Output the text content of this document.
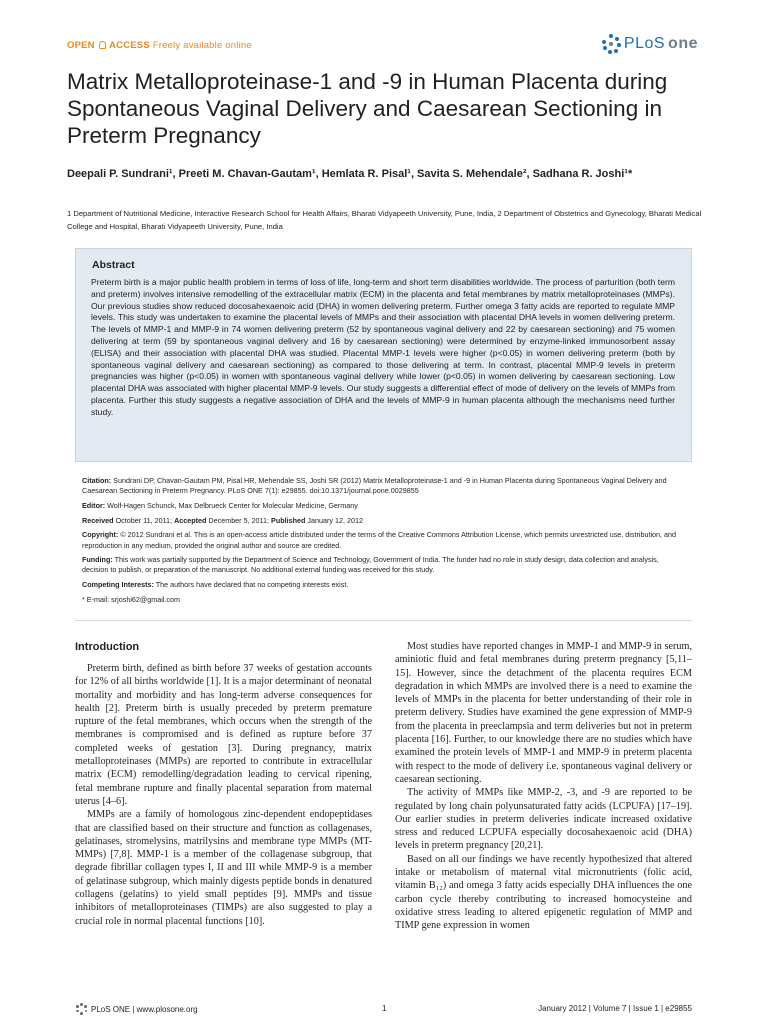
OPEN ACCESS Freely available online	PLoS one
Matrix Metalloproteinase-1 and -9 in Human Placenta during Spontaneous Vaginal Delivery and Caesarean Sectioning in Preterm Pregnancy
Deepali P. Sundrani¹, Preeti M. Chavan-Gautam¹, Hemlata R. Pisal¹, Savita S. Mehendale², Sadhana R. Joshi¹*
1 Department of Nutritional Medicine, Interactive Research School for Health Affairs, Bharati Vidyapeeth University, Pune, India, 2 Department of Obstetrics and Gynecology, Bharati Medical College and Hospital, Bharati Vidyapeeth University, Pune, India
Abstract

Preterm birth is a major public health problem in terms of loss of life, long-term and short term disabilities worldwide. The process of parturition (both term and preterm) involves intensive remodelling of the extracellular matrix (ECM) in the placenta and fetal membranes by matrix metalloproteinases (MMPs). Our previous studies show reduced docosahexaenoic acid (DHA) in women delivering preterm. Further omega 3 fatty acids are reported to regulate MMP levels. This study was undertaken to examine the placental levels of MMPs and their association with placental DHA levels in women delivering preterm. The levels of MMP-1 and MMP-9 in 74 women delivering preterm (52 by spontaneous vaginal delivery and 22 by caesarean sectioning) and 75 women delivering at term (59 by spontaneous vaginal delivery and 16 by caesarean sectioning) were determined by enzyme-linked immunosorbent assay (ELISA) and their association with placental DHA was studied. Placental MMP-1 levels were higher (p<0.05) in women delivering preterm (both by spontaneous vaginal delivery and caesarean sectioning) as compared to those delivering at term. In contrast, placental MMP-9 levels in preterm pregnancies was higher (p<0.05) in women with spontaneous vaginal delivery while lower (p<0.05) in women delivering by caesarean sectioning. Low placental DHA was associated with higher placental MMP-9 levels. Our study suggests a differential effect of mode of delivery on the levels of MMPs from placenta. Further this study suggests a negative association of DHA and the levels of MMP-9 in human placenta although the mechanisms need further study.

Citation: Sundrani DP, Chavan-Gautam PM, Pisal HR, Mehendale SS, Joshi SR (2012) Matrix Metalloproteinase-1 and -9 in Human Placenta during Spontaneous Vaginal Delivery and Caesarean Sectioning in Preterm Pregnancy. PLoS ONE 7(1): e29855. doi:10.1371/journal.pone.0029855

Editor: Wolf-Hagen Schunck, Max Delbrueck Center for Molecular Medicine, Germany

Received October 11, 2011; Accepted December 5, 2011; Published January 12, 2012

Copyright: © 2012 Sundrani et al. This is an open-access article distributed under the terms of the Creative Commons Attribution License, which permits unrestricted use, distribution, and reproduction in any medium, provided the original author and source are credited.

Funding: This work was partially supported by the Department of Science and Technology, Government of India. The funder had no role in study design, data collection and analysis, decision to publish, or preparation of the manuscript. No additional external funding was received for this study.

Competing Interests: The authors have declared that no competing interests exist.

* E-mail: srjoshi62@gmail.com

Introduction

Preterm birth, defined as birth before 37 weeks of gestation accounts for 12% of all births worldwide [1]. It is a major determinant of neonatal mortality and morbidity and has long-term adverse consequences for health [2]. Preterm birth is usually preceded by preterm premature rupture of the fetal membranes, which occurs when the strength of the membranes is compromised and is defined as rupture before 37 completed weeks of gestation [3]. During pregnancy, matrix metalloproteinases (MMPs) are reported to contribute in extracellular matrix (ECM) remodelling/degradation leading to cervical ripening, fetal membrane rupture and finally placental separation from maternal uterus [4–6].

MMPs are a family of homologous zinc-dependent endopeptidases that are classified based on their structure and function as collagenases, gelatinases, stromelysins, matrilysins and membrane type MMPs (MT-MMPs) [7,8]. MMP-1 is a member of the collagenase subgroup, that degrade fibrillar collagen types I, II and III while MMP-9 is a member of gelatinase subgroup, which mainly digests peptide bonds in denatured collagens (gelatins) to yield small peptides [9]. MMPs and tissue inhibitors of metalloproteinases (TIMPs) are also suggested to play a crucial role in normal placental functions [10].

Most studies have reported changes in MMP-1 and MMP-9 in serum, aminiotic fluid and fetal membranes during preterm pregnancy [5,11–15]. However, since the detachment of the placenta requires ECM degradation in which MMPs are involved there is a need to examine the levels of MMPs in the placenta for better understanding of their role in preterm delivery. Studies have examined the gene expression of MMP-9 from the placenta in preeclampsia and term deliveries but not in preterm placenta [16]. Further, to our knowledge there are no studies which have examined the protein levels of MMP-1 and MMP-9 in preterm placenta with respect to the mode of delivery i.e. spontaneous vaginal delivery or caesarean sectioning.

The activity of MMPs like MMP-2, -3, and -9 are reported to be regulated by long chain polyunsaturated fatty acids (LCPUFA) [17–19]. Our earlier studies in preterm deliveries indicate increased oxidative stress and reduced LCPUFA especially docosahexaenoic acid (DHA) levels in preterm pregnancy [20,21].

Based on all our findings we have recently hypothesized that altered intake or metabolism of maternal vital micronutrients (folic acid, vitamin B₁₂) and omega 3 fatty acids especially DHA influences the one carbon cycle thereby contributing to increased homocysteine and oxidative stress leading to altered epigenetic regulation of MMP and TIMP gene expression in women

PLoS ONE | www.plosone.org	1	January 2012 | Volume 7 | Issue 1 | e29855
